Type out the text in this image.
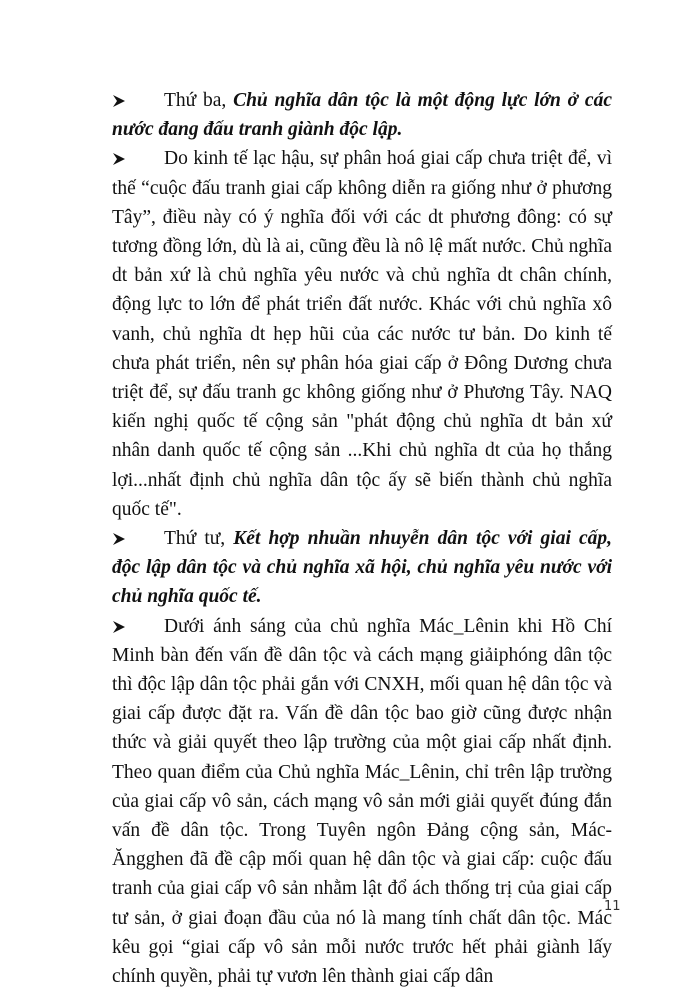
Thứ ba, Chủ nghĩa dân tộc là một động lực lớn ở các nước đang đấu tranh giành độc lập.

Do kinh tế lạc hậu, sự phân hoá giai cấp chưa triệt để, vì thế “cuộc đấu tranh giai cấp không diễn ra giống như ở phương Tây”, điều này có ý nghĩa đối với các dt phương đông: có sự tương đồng lớn, dù là ai, cũng đều là nô lệ mất nước. Chủ nghĩa dt bản xứ là chủ nghĩa yêu nước và chủ nghĩa dt chân chính, động lực to lớn để phát triển đất nước. Khác với chủ nghĩa xô vanh, chủ nghĩa dt hẹp hũi của các nước tư bản. Do kinh tế chưa phát triển, nên sự phân hóa giai cấp ở Đông Dương chưa triệt để, sự đấu tranh gc không giống như ở Phương Tây. NAQ kiến nghị quốc tế cộng sản "phát động chủ nghĩa dt bản xứ nhân danh quốc tế cộng sản ...Khi chủ nghĩa dt của họ thắng lợi...nhất định chủ nghĩa dân tộc ấy sẽ biến thành chủ nghĩa quốc tế".

Thứ tư, Kết hợp nhuần nhuyễn dân tộc với giai cấp, độc lập dân tộc và chủ nghĩa xã hội, chủ nghĩa yêu nước với chủ nghĩa quốc tế.

Dưới ánh sáng của chủ nghĩa Mác_Lênin khi Hồ Chí Minh bàn đến vấn đề dân tộc và cách mạng giảiphóng dân tộc thì độc lập dân tộc phải gắn với CNXH, mối quan hệ dân tộc và giai cấp được đặt ra. Vấn đề dân tộc bao giờ cũng được nhận thức và giải quyết theo lập trường của một giai cấp nhất định. Theo quan điểm của Chủ nghĩa Mác_Lênin, chỉ trên lập trường của giai cấp vô sản, cách mạng vô sản mới giải quyết đúng đắn vấn đề dân tộc. Trong Tuyên ngôn Đảng cộng sản, Mác-Ăngghen đã đề cập mối quan hệ dân tộc và giai cấp: cuộc đấu tranh của giai cấp vô sản nhằm lật đổ ách thống trị của giai cấp tư sản, ở giai đoạn đầu của nó là mang tính chất dân tộc. Mác kêu gọi “giai cấp vô sản mỗi nước trước hết phải giành lấy chính quyền, phải tự vươn lên thành giai cấp dân

11
